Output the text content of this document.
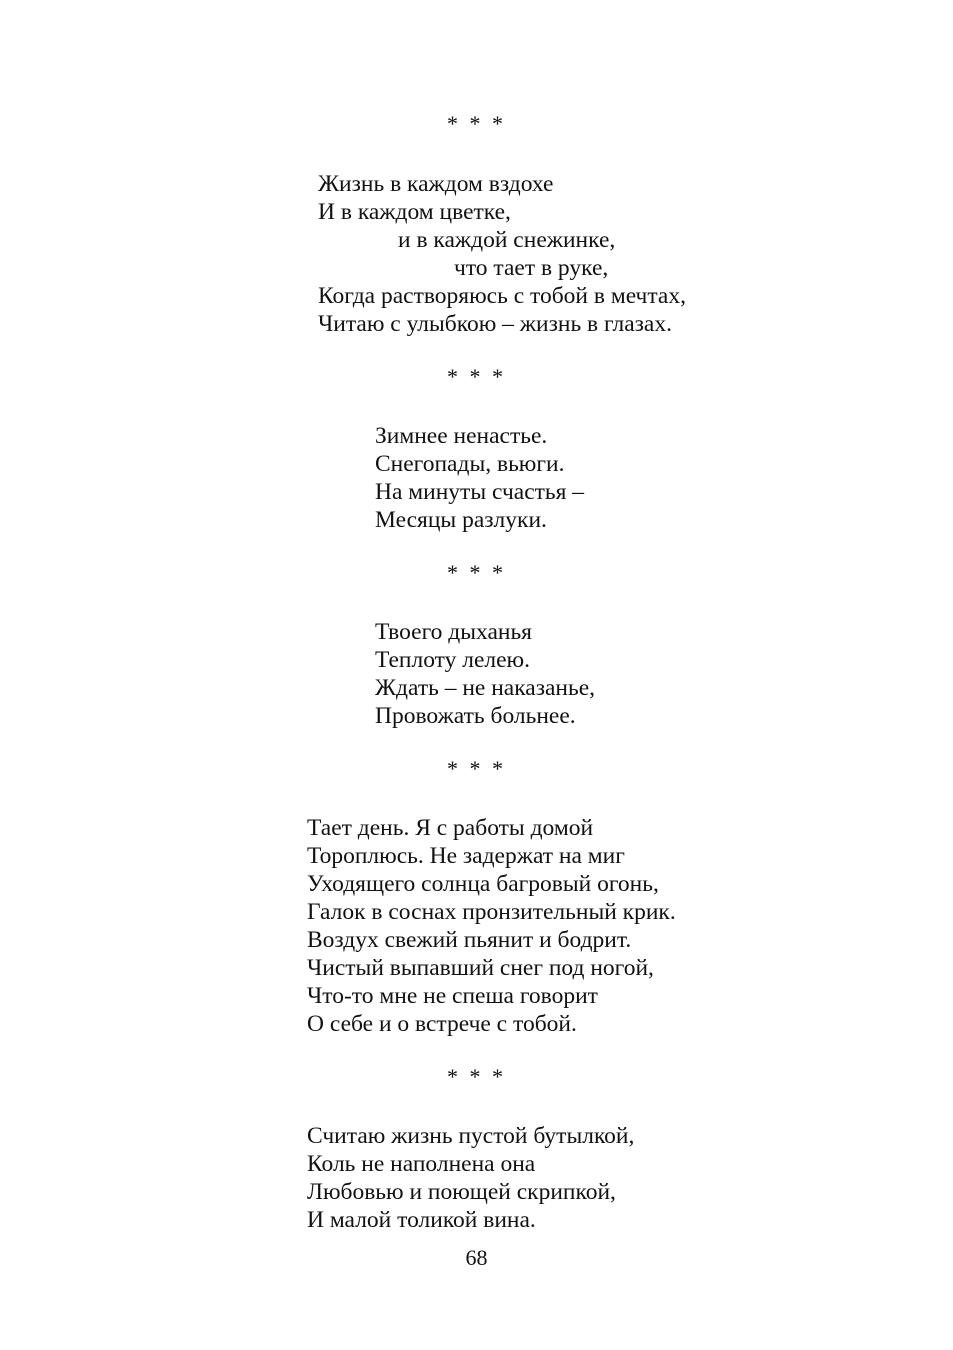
* * *
Жизнь в каждом вздохе
И в каждом цветке,
и в каждой снежинке,
что тает в руке,
Когда растворяюсь с тобой в мечтах,
Читаю с улыбкою – жизнь в глазах.
* * *
Зимнее ненастье.
Снегопады, вьюги.
На минуты счастья –
Месяцы разлуки.
* * *
Твоего дыханья
Теплоту лелею.
Ждать – не наказанье,
Провожать больнее.
* * *
Тает день. Я с работы домой
Тороплюсь. Не задержат на миг
Уходящего солнца багровый огонь,
Галок в соснах пронзительный крик.
Воздух свежий пьянит и бодрит.
Чистый выпавший снег под ногой,
Что-то мне не спеша говорит
О себе и о встрече с тобой.
* * *
Считаю жизнь пустой бутылкой,
Коль не наполнена она
Любовью и поющей скрипкой,
И малой толикой вина.
68
